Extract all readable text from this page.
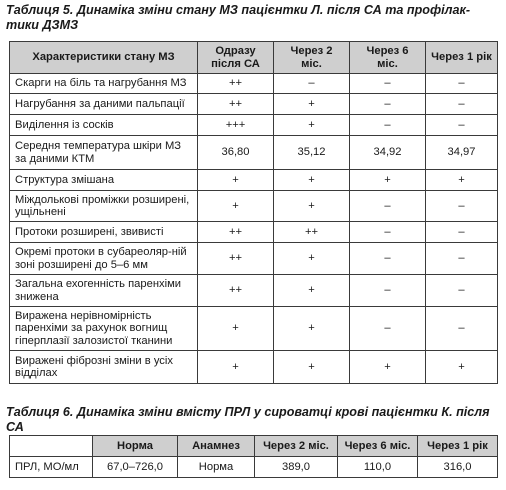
Таблиця 5. Динаміка зміни стану МЗ пацієнтки Л. після СА та профілак-тики ДЗМЗ

Характеристики стану МЗ	Одразу після СА	Через 2 міс.	Через 6 міс.	Через 1 рік
Скарги на біль та нагрубання МЗ	++	–	–	–
Нагрубання за даними пальпації	++	+	–	–
Виділення із сосків	+++	+	–	–
Середня температура шкіри МЗ за даними КТМ	36,80	35,12	34,92	34,97
Структура змішана	+	+	+	+
Міждолькові проміжки розширені, ущільнені	+	+	–	–
Протоки розширені, звивисті	++	++	–	–
Окремі протоки в субареоляр-ній зоні розширені до 5–6 мм	++	+	–	–
Загальна ехогенність паренхіми знижена	++	+	–	–
Виражена нерівномірність паренхіми за рахунок вогнищ гіперплазії залозистої тканини	+	+	–	–
Виражені фіброзні зміни в усіх відділах	+	+	+	+

Таблиця 6. Динаміка зміни вмісту ПРЛ у сироватці крові пацієнтки К. після СА

	Норма	Анамнез	Через 2 міс.	Через 6 міс.	Через 1 рік
ПРЛ, МО/мл	67,0–726,0	Норма	389,0	110,0	316,0
